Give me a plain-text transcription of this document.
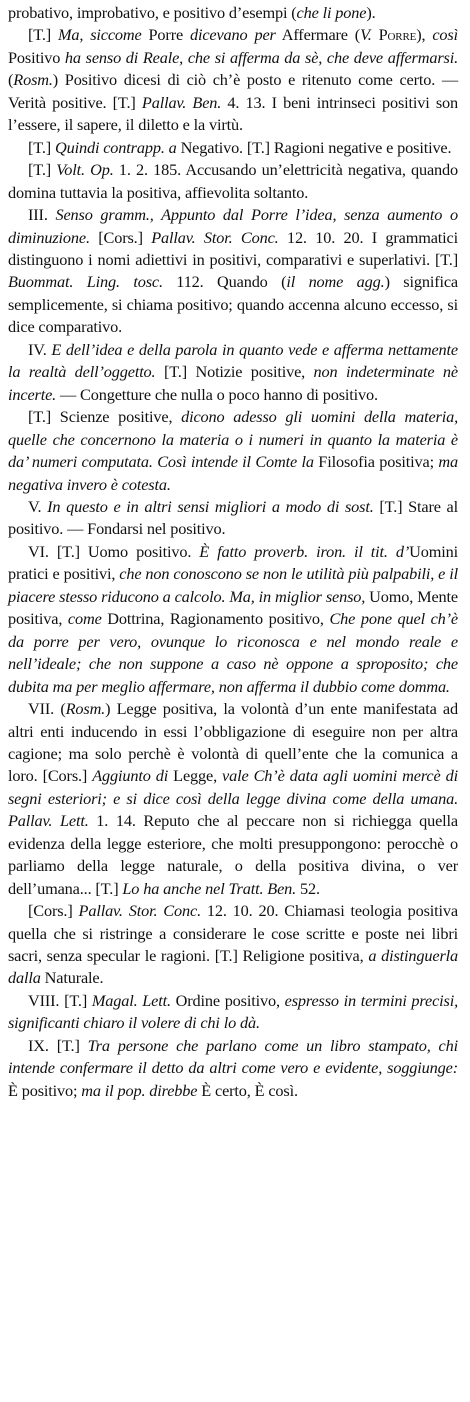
probativo, improbativo, e positivo d’esempi (che li pone).

[T.] Ma, siccome Porre dicevano per Affermare (V. Porre), così Positivo ha senso di Reale, che si afferma da sè, che deve affermarsi. (Rosm.) Positivo dicesi di ciò ch’è posto e ritenuto come certo. — Verità positive. [T.] Pallav. Ben. 4. 13. I beni intrinseci positivi son l’essere, il sapere, il diletto e la virtù.

[T.] Quindi contrapp. a Negativo. [T.] Ragioni negative e positive.

[T.] Volt. Op. 1. 2. 185. Accusando un’elettricità negativa, quando domina tuttavia la positiva, affievolita soltanto.

III. Senso gramm., Appunto dal Porre l’idea, senza aumento o diminuzione. [Cors.] Pallav. Stor. Conc. 12. 10. 20. I grammatici distinguono i nomi adiettivi in positivi, comparativi e superlativi. [T.] Buommat. Ling. tosc. 112. Quando (il nome agg.) significa semplicemente, si chiama positivo; quando accenna alcuno eccesso, si dice comparativo.

IV. E dell’idea e della parola in quanto vede e afferma nettamente la realtà dell’oggetto. [T.] Notizie positive, non indeterminate nè incerte. — Congetture che nulla o poco hanno di positivo.

[T.] Scienze positive, dicono adesso gli uomini della materia, quelle che concernono la materia o i numeri in quanto la materia è da’ numeri computata. Così intende il Comte la Filosofia positiva; ma negativa invero è cotesta.

V. In questo e in altri sensi migliori a modo di sost. [T.] Stare al positivo. — Fondarsi nel positivo.

VI. [T.] Uomo positivo. È fatto proverb. iron. il tit. d’Uomini pratici e positivi, che non conoscono se non le utilità più palpabili, e il piacere stesso riducono a calcolo. Ma, in miglior senso, Uomo, Mente positiva, come Dottrina, Ragionamento positivo, Che pone quel ch’è da porre per vero, ovunque lo riconosca e nel mondo reale e nell’ideale; che non suppone a caso nè oppone a sproposito; che dubita ma per meglio affermare, non afferma il dubbio come domma.

VII. (Rosm.) Legge positiva, la volontà d’un ente manifestata ad altri enti inducendo in essi l’obbligazione di eseguire non per altra cagione; ma solo perchè è volontà di quell’ente che la comunica a loro. [Cors.] Aggiunto di Legge, vale Ch’è data agli uomini mercè di segni esteriori; e si dice così della legge divina come della umana. Pallav. Lett. 1. 14. Reputo che al peccare non si richiegga quella evidenza della legge esteriore, che molti presuppongono: perocchè o parliamo della legge naturale, o della positiva divina, o ver dell’umana... [T.] Lo ha anche nel Tratt. Ben. 52.

[Cors.] Pallav. Stor. Conc. 12. 10. 20. Chiamasi teologia positiva quella che si ristringe a considerare le cose scritte e poste nei libri sacri, senza specular le ragioni. [T.] Religione positiva, a distinguerla dalla Naturale.

VIII. [T.] Magal. Lett. Ordine positivo, espresso in termini precisi, significanti chiaro il volere di chi lo dà.

IX. [T.] Tra persone che parlano come un libro stampato, chi intende confermare il detto da altri come vero e evidente, soggiunge: È positivo; ma il pop. direbbe È certo, È così.
